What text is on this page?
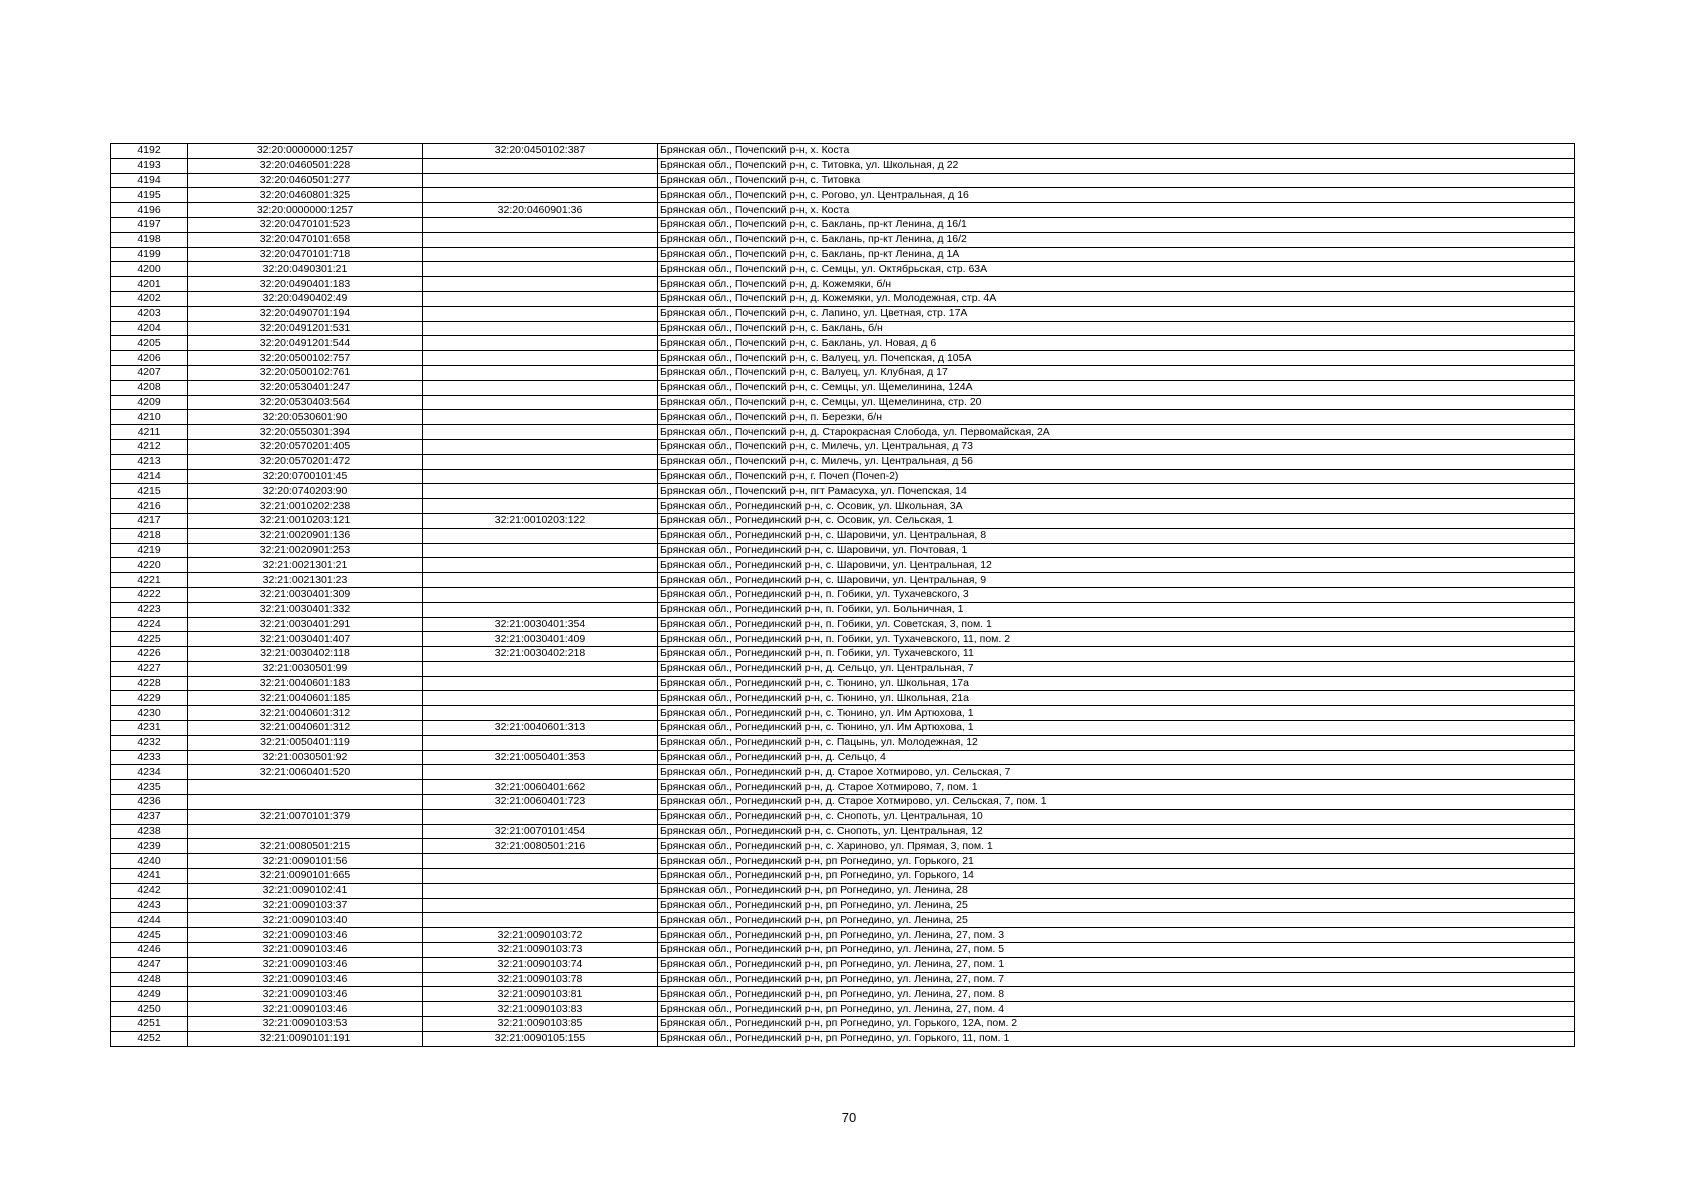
4192	32:20:0000000:1257	32:20:0450102:387	Брянская обл., Почепский р-н, х. Коста
4193	32:20:0460501:228		Брянская обл., Почепский р-н, с. Титовка, ул. Школьная, д 22
4194	32:20:0460501:277		Брянская обл., Почепский р-н, с. Титовка
4195	32:20:0460801:325		Брянская обл., Почепский р-н, с. Рогово, ул. Центральная, д 16
4196	32:20:0000000:1257	32:20:0460901:36	Брянская обл., Почепский р-н, х. Коста
4197	32:20:0470101:523		Брянская обл., Почепский р-н, с. Баклань, пр-кт Ленина, д 16/1
4198	32:20:0470101:658		Брянская обл., Почепский р-н, с. Баклань, пр-кт Ленина, д 16/2
4199	32:20:0470101:718		Брянская обл., Почепский р-н, с. Баклань, пр-кт Ленина, д 1А
4200	32:20:0490301:21		Брянская обл., Почепский р-н, с. Семцы, ул. Октябрьская, стр. 63А
4201	32:20:0490401:183		Брянская обл., Почепский р-н, д. Кожемяки, б/н
4202	32:20:0490402:49		Брянская обл., Почепский р-н, д. Кожемяки, ул. Молодежная, стр. 4А
4203	32:20:0490701:194		Брянская обл., Почепский р-н, с. Лапино, ул. Цветная, стр. 17А
4204	32:20:0491201:531		Брянская обл., Почепский р-н, с. Баклань, б/н
4205	32:20:0491201:544		Брянская обл., Почепский р-н, с. Баклань, ул. Новая, д 6
4206	32:20:0500102:757		Брянская обл., Почепский р-н, с. Валуец, ул. Почепская, д 105А
4207	32:20:0500102:761		Брянская обл., Почепский р-н, с. Валуец, ул. Клубная, д 17
4208	32:20:0530401:247		Брянская обл., Почепский р-н, с. Семцы, ул. Щемелинина, 124А
4209	32:20:0530403:564		Брянская обл., Почепский р-н, с. Семцы, ул. Щемелинина, стр. 20
4210	32:20:0530601:90		Брянская обл., Почепский р-н, п. Березки, б/н
4211	32:20:0550301:394		Брянская обл., Почепский р-н, д. Старокрасная Слобода, ул. Первомайская, 2А
4212	32:20:0570201:405		Брянская обл., Почепский р-н, с. Милечь, ул. Центральная, д 73
4213	32:20:0570201:472		Брянская обл., Почепский р-н, с. Милечь, ул. Центральная, д 56
4214	32:20:0700101:45		Брянская обл., Почепский р-н, г. Почеп (Почеп-2)
4215	32:20:0740203:90		Брянская обл., Почепский р-н, пгт Рамасуха, ул. Почепская, 14
4216	32:21:0010202:238		Брянская обл., Рогнединский р-н, с. Осовик, ул. Школьная, 3А
4217	32:21:0010203:121	32:21:0010203:122	Брянская обл., Рогнединский р-н, с. Осовик, ул. Сельская, 1
4218	32:21:0020901:136		Брянская обл., Рогнединский р-н, с. Шаровичи, ул. Центральная, 8
4219	32:21:0020901:253		Брянская обл., Рогнединский р-н, с. Шаровичи, ул. Почтовая, 1
4220	32:21:0021301:21		Брянская обл., Рогнединский р-н, с. Шаровичи, ул. Центральная, 12
4221	32:21:0021301:23		Брянская обл., Рогнединский р-н, с. Шаровичи, ул. Центральная, 9
4222	32:21:0030401:309		Брянская обл., Рогнединский р-н, п. Гобики, ул. Тухачевского, 3
4223	32:21:0030401:332		Брянская обл., Рогнединский р-н, п. Гобики, ул. Больничная, 1
4224	32:21:0030401:291	32:21:0030401:354	Брянская обл., Рогнединский р-н, п. Гобики, ул. Советская, 3, пом. 1
4225	32:21:0030401:407	32:21:0030401:409	Брянская обл., Рогнединский р-н, п. Гобики, ул. Тухачевского, 11, пом. 2
4226	32:21:0030402:118	32:21:0030402:218	Брянская обл., Рогнединский р-н, п. Гобики, ул. Тухачевского, 11
4227	32:21:0030501:99		Брянская обл., Рогнединский р-н, д. Сельцо, ул. Центральная, 7
4228	32:21:0040601:183		Брянская обл., Рогнединский р-н, с. Тюнино, ул. Школьная, 17а
4229	32:21:0040601:185		Брянская обл., Рогнединский р-н, с. Тюнино, ул. Школьная, 21а
4230	32:21:0040601:312		Брянская обл., Рогнединский р-н, с. Тюнино, ул. Им Артюхова, 1
4231	32:21:0040601:312	32:21:0040601:313	Брянская обл., Рогнединский р-н, с. Тюнино, ул. Им Артюхова, 1
4232	32:21:0050401:119		Брянская обл., Рогнединский р-н, с. Пацынь, ул. Молодежная, 12
4233	32:21:0030501:92	32:21:0050401:353	Брянская обл., Рогнединский р-н, д. Сельцо, 4
4234	32:21:0060401:520		Брянская обл., Рогнединский р-н, д. Старое Хотмирово, ул. Сельская, 7
4235		32:21:0060401:662	Брянская обл., Рогнединский р-н, д. Старое Хотмирово, 7, пом. 1
4236		32:21:0060401:723	Брянская обл., Рогнединский р-н, д. Старое Хотмирово, ул. Сельская, 7, пом. 1
4237	32:21:0070101:379		Брянская обл., Рогнединский р-н, с. Снопоть, ул. Центральная, 10
4238		32:21:0070101:454	Брянская обл., Рогнединский р-н, с. Снопоть, ул. Центральная, 12
4239	32:21:0080501:215	32:21:0080501:216	Брянская обл., Рогнединский р-н, с. Хариново, ул. Прямая, 3, пом. 1
4240	32:21:0090101:56		Брянская обл., Рогнединский р-н, рп Рогнедино, ул. Горького, 21
4241	32:21:0090101:665		Брянская обл., Рогнединский р-н, рп Рогнедино, ул. Горького, 14
4242	32:21:0090102:41		Брянская обл., Рогнединский р-н, рп Рогнедино, ул. Ленина, 28
4243	32:21:0090103:37		Брянская обл., Рогнединский р-н, рп Рогнедино, ул. Ленина, 25
4244	32:21:0090103:40		Брянская обл., Рогнединский р-н, рп Рогнедино, ул. Ленина, 25
4245	32:21:0090103:46	32:21:0090103:72	Брянская обл., Рогнединский р-н, рп Рогнедино, ул. Ленина, 27, пом. 3
4246	32:21:0090103:46	32:21:0090103:73	Брянская обл., Рогнединский р-н, рп Рогнедино, ул. Ленина, 27, пом. 5
4247	32:21:0090103:46	32:21:0090103:74	Брянская обл., Рогнединский р-н, рп Рогнедино, ул. Ленина, 27, пом. 1
4248	32:21:0090103:46	32:21:0090103:78	Брянская обл., Рогнединский р-н, рп Рогнедино, ул. Ленина, 27, пом. 7
4249	32:21:0090103:46	32:21:0090103:81	Брянская обл., Рогнединский р-н, рп Рогнедино, ул. Ленина, 27, пом. 8
4250	32:21:0090103:46	32:21:0090103:83	Брянская обл., Рогнединский р-н, рп Рогнедино, ул. Ленина, 27, пом. 4
4251	32:21:0090103:53	32:21:0090103:85	Брянская обл., Рогнединский р-н, рп Рогнедино, ул. Горького, 12А, пом. 2
4252	32:21:0090101:191	32:21:0090105:155	Брянская обл., Рогнединский р-н, рп Рогнедино, ул. Горького, 11, пом. 1
70
